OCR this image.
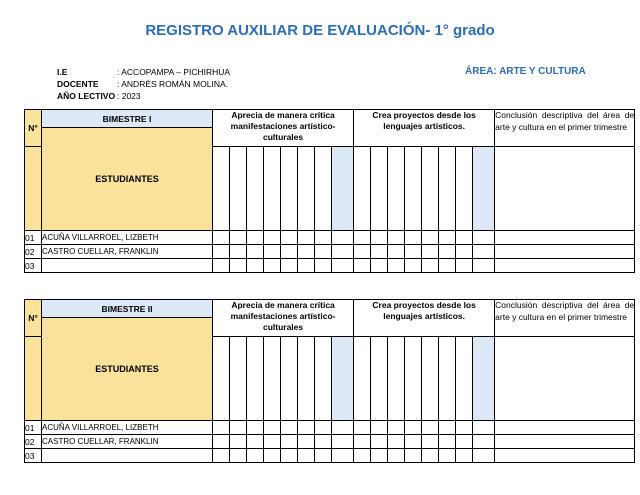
REGISTRO AUXILIAR DE EVALUACIÓN- 1° grado
I.E	: ACCOPAMPA – PICHIRHUA
DOCENTE	: ANDRÉS ROMÁN MOLINA.
AÑO LECTIVO : 2023
ÁREA: ARTE Y CULTURA
N°	BIMESTRE I	Aprecia de manera crítica manifestaciones artístico-culturales								Crea proyectos desde los lenguajes artísticos.								Conclusión descriptiva del área de arte y cultura en el primer trimestre
	ESTUDIANTES																	

01	ACUÑA VILLARROEL, LIZBETH																	
02	CASTRO CUELLAR, FRANKLIN																	
03																		
N°	BIMESTRE II	Aprecia de manera crítica manifestaciones artístico-culturales								Crea proyectos desde los lenguajes artísticos.								Conclusión descriptiva del área de arte y cultura en el primer trimestre
	ESTUDIANTES																	

01	ACUÑA VILLARROEL, LIZBETH																	
02	CASTRO CUELLAR, FRANKLIN																	
03																		
